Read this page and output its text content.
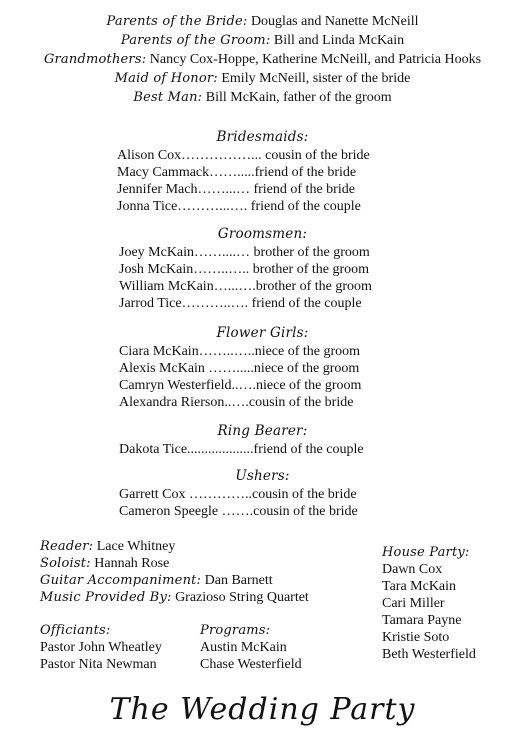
Parents of the Bride: Douglas and Nanette McNeill
Parents of the Groom: Bill and Linda McKain
Grandmothers: Nancy Cox-Hoppe, Katherine McNeill, and Patricia Hooks
Maid of Honor: Emily McNeill, sister of the bride
Best Man: Bill McKain, father of the groom
Bridesmaids:
Alison Cox……………... cousin of the bride
Macy Cammack…….....friend of the bride
Jennifer Mach……...… friend of the bride
Jonna Tice………...…. friend of the couple
Groomsmen:
Joey McKain……....… brother of the groom
Josh McKain……..….. brother of the groom
William McKain…...….brother of the groom
Jarrod Tice………..…. friend of the couple
Flower Girls:
Ciara McKain……..…..niece of the groom
Alexis McKain …….....niece of the groom
Camryn Westerfield..….niece of the groom
Alexandra Rierson..….cousin of the bride
Ring Bearer:
Dakota Tice...................friend of the couple
Ushers:
Garrett Cox …………..cousin of the bride
Cameron Speegle …….cousin of the bride
Reader: Lace Whitney
Soloist: Hannah Rose
Guitar Accompaniment: Dan Barnett
Music Provided By: Grazioso String Quartet
House Party:
Dawn Cox
Tara McKain
Cari Miller
Tamara Payne
Kristie Soto
Beth Westerfield
Officiants:
Pastor John Wheatley
Pastor Nita Newman
Programs:
Austin McKain
Chase Westerfield
The Wedding Party
